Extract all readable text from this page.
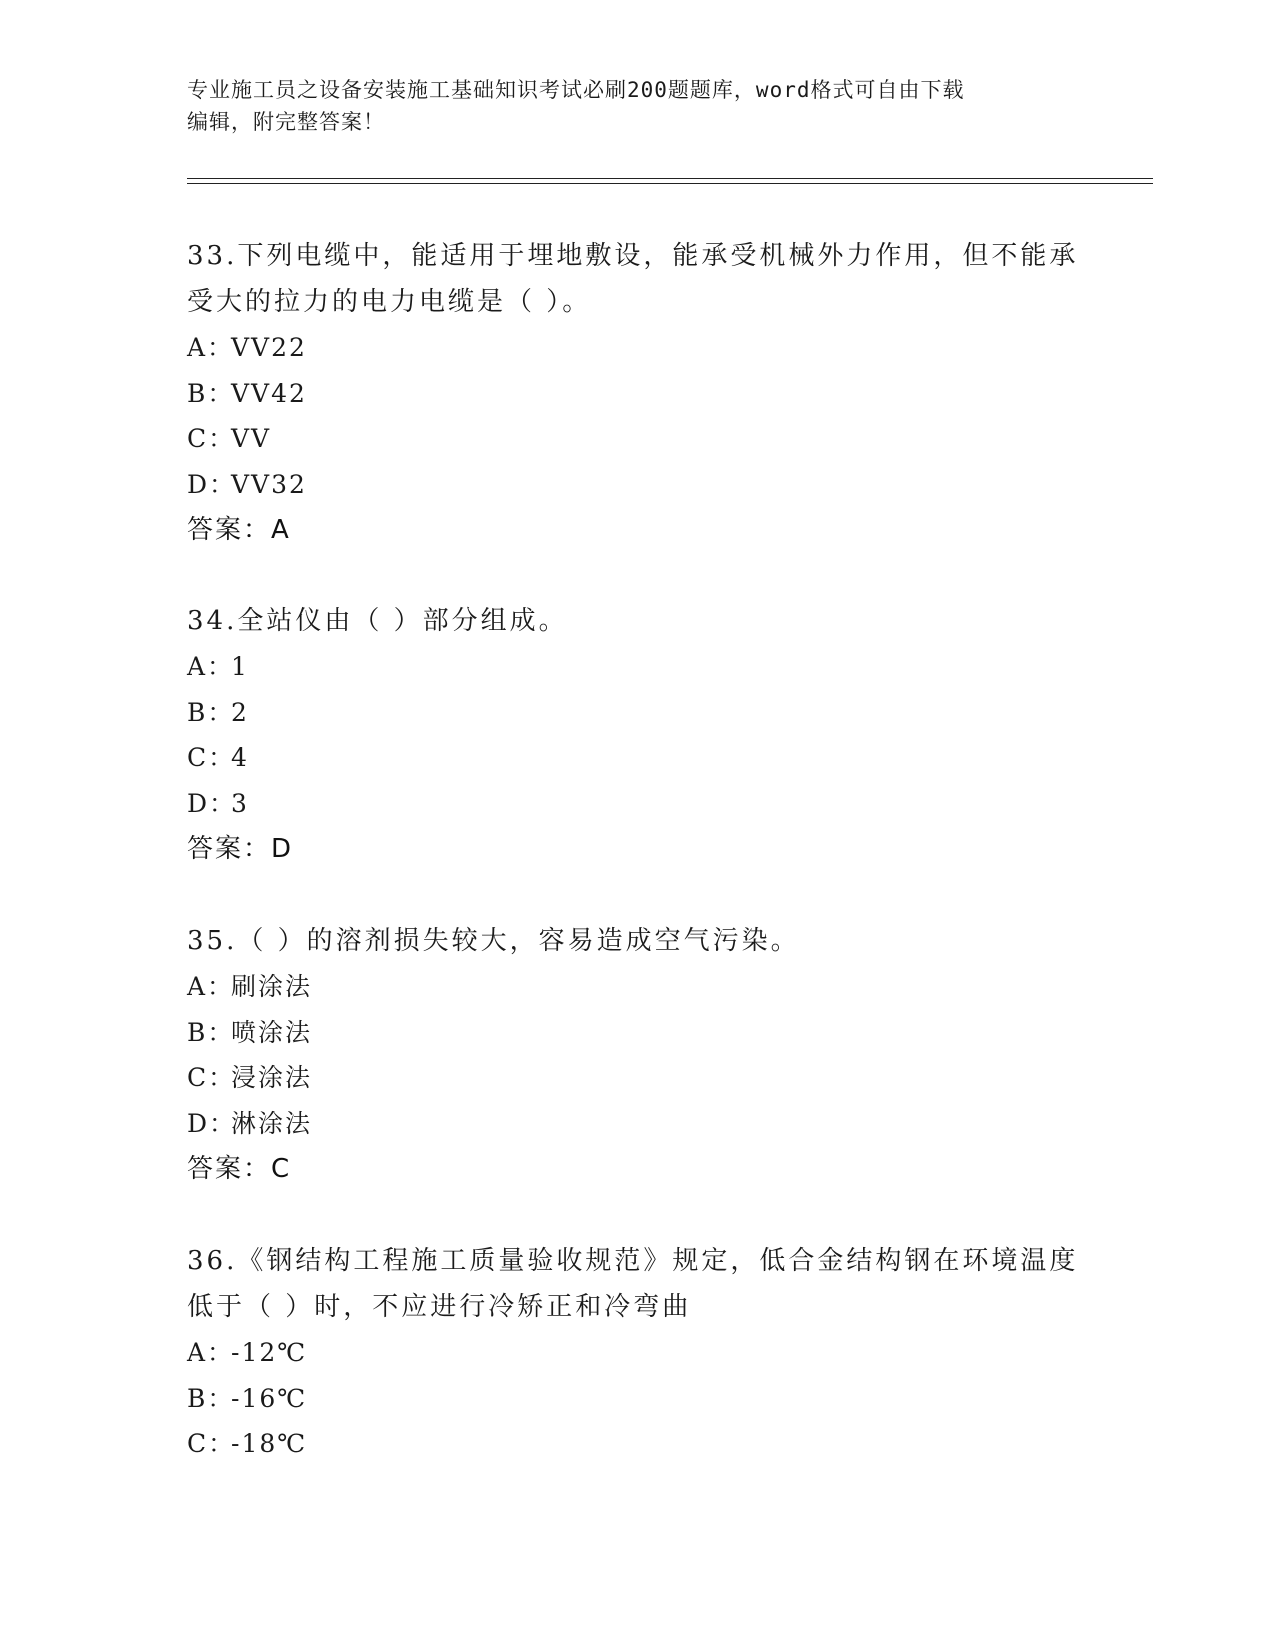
专业施工员之设备安装施工基础知识考试必刷200题题库，word格式可自由下载
编辑，附完整答案！
33.下列电缆中，能适用于埋地敷设，能承受机械外力作用，但不能承
受大的拉力的电力电缆是（ ）。
A：VV22
B：VV42
C：VV
D：VV32
答案：A
34.全站仪由（ ）部分组成。
A：1
B：2
C：4
D：3
答案：D
35.（ ）的溶剂损失较大，容易造成空气污染。
A：刷涂法
B：喷涂法
C：浸涂法
D：淋涂法
答案：C
36.《钢结构工程施工质量验收规范》规定，低合金结构钢在环境温度
低于（ ）时，不应进行冷矫正和冷弯曲
A：-12℃
B：-16℃
C：-18℃
